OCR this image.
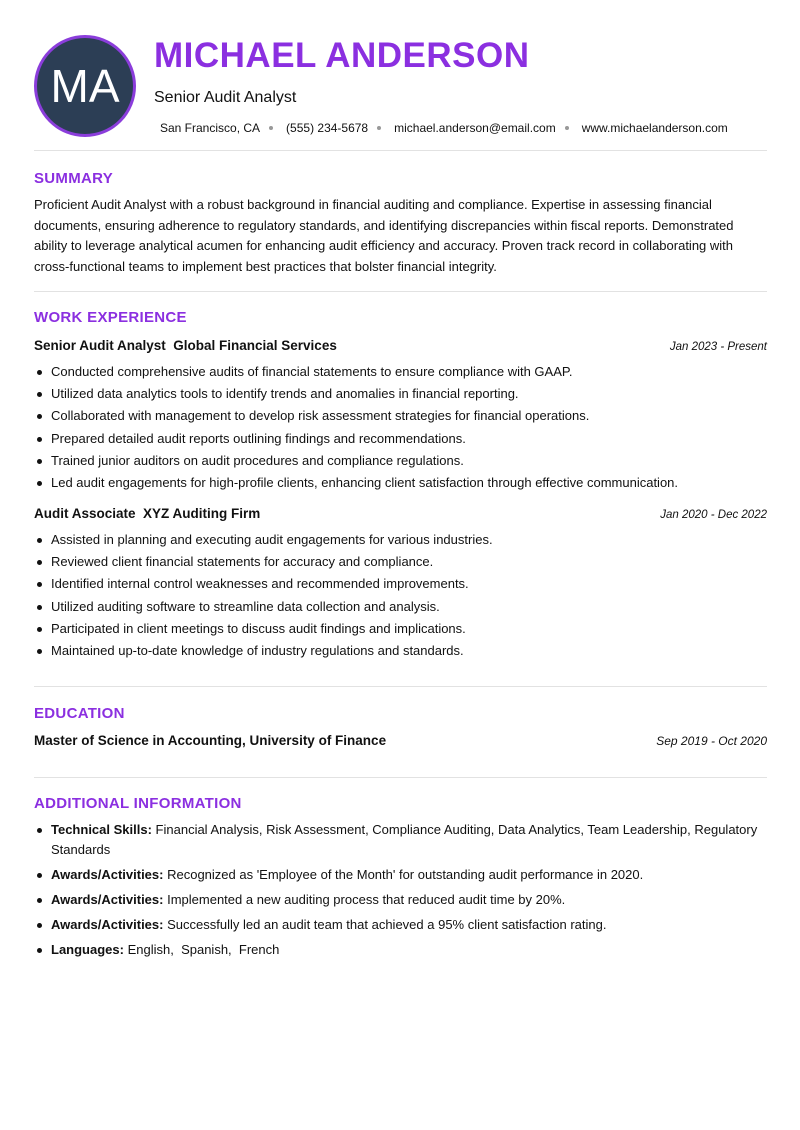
MA
MICHAEL ANDERSON
Senior Audit Analyst
San Francisco, CA (555) 234-5678 michael.anderson@email.com www.michaelanderson.com
SUMMARY
Proficient Audit Analyst with a robust background in financial auditing and compliance. Expertise in assessing financial documents, ensuring adherence to regulatory standards, and identifying discrepancies within fiscal reports. Demonstrated ability to leverage analytical acumen for enhancing audit efficiency and accuracy. Proven track record in collaborating with cross-functional teams to implement best practices that bolster financial integrity.
WORK EXPERIENCE
Senior Audit Analyst  Global Financial Services	Jan 2023 - Present
Conducted comprehensive audits of financial statements to ensure compliance with GAAP.
Utilized data analytics tools to identify trends and anomalies in financial reporting.
Collaborated with management to develop risk assessment strategies for financial operations.
Prepared detailed audit reports outlining findings and recommendations.
Trained junior auditors on audit procedures and compliance regulations.
Led audit engagements for high-profile clients, enhancing client satisfaction through effective communication.
Audit Associate  XYZ Auditing Firm	Jan 2020 - Dec 2022
Assisted in planning and executing audit engagements for various industries.
Reviewed client financial statements for accuracy and compliance.
Identified internal control weaknesses and recommended improvements.
Utilized auditing software to streamline data collection and analysis.
Participated in client meetings to discuss audit findings and implications.
Maintained up-to-date knowledge of industry regulations and standards.
EDUCATION
Master of Science in Accounting, University of Finance	Sep 2019 - Oct 2020
ADDITIONAL INFORMATION
Technical Skills: Financial Analysis, Risk Assessment, Compliance Auditing, Data Analytics, Team Leadership, Regulatory Standards
Awards/Activities: Recognized as 'Employee of the Month' for outstanding audit performance in 2020.
Awards/Activities: Implemented a new auditing process that reduced audit time by 20%.
Awards/Activities: Successfully led an audit team that achieved a 95% client satisfaction rating.
Languages: English,  Spanish,  French
